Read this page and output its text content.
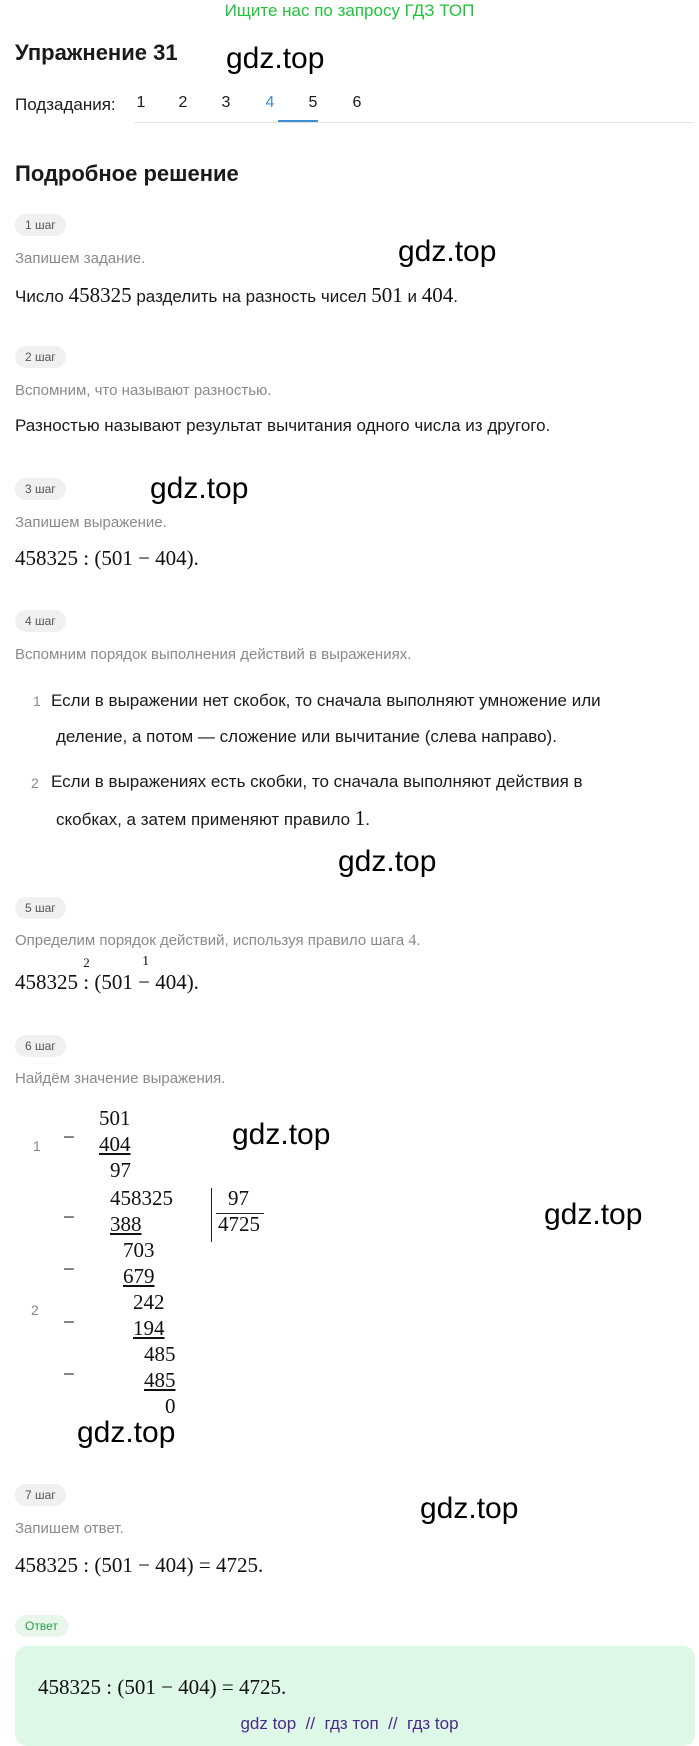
Ищите нас по запросу ГДЗ ТОП
Упражнение 31 gdz.top
Подзадания:	1	2	3	4	5	6
Подробное решение
1 шаг
Запишем задание.	gdz.top
Число 458325 разделить на разность чисел 501 и 404.
2 шаг
Вспомним, что называют разностью.
Разностью называют результат вычитания одного числа из другого.
3 шаг	gdz.top
Запишем выражение.
458325 : (501 − 404).
4 шаг
Вспомним порядок выполнения действий в выражениях.
1 Если в выражении нет скобок, то сначала выполняют умножение или
деление, а потом — сложение или вычитание (слева направо).
2 Если в выражениях есть скобки, то сначала выполняют действия в
скобках, а затем применяют правило 1.
gdz.top
5 шаг
Определим порядок действий, используя правило шага 4.
458325 :
2
(501 −
1
404).
6 шаг
Найдём значение выражения.
1 −
501
404
97
gdz.top
−
458325	97
4725
388	gdz.top
−
703
679
2 −
242
194
−
485
485
0
gdz.top
7 шаг	gdz.top
Запишем ответ.
458325 : (501 − 404) = 4725.
Ответ
458325 : (501 − 404) = 4725.
gdz top  //  гдз топ  //  гдз top
